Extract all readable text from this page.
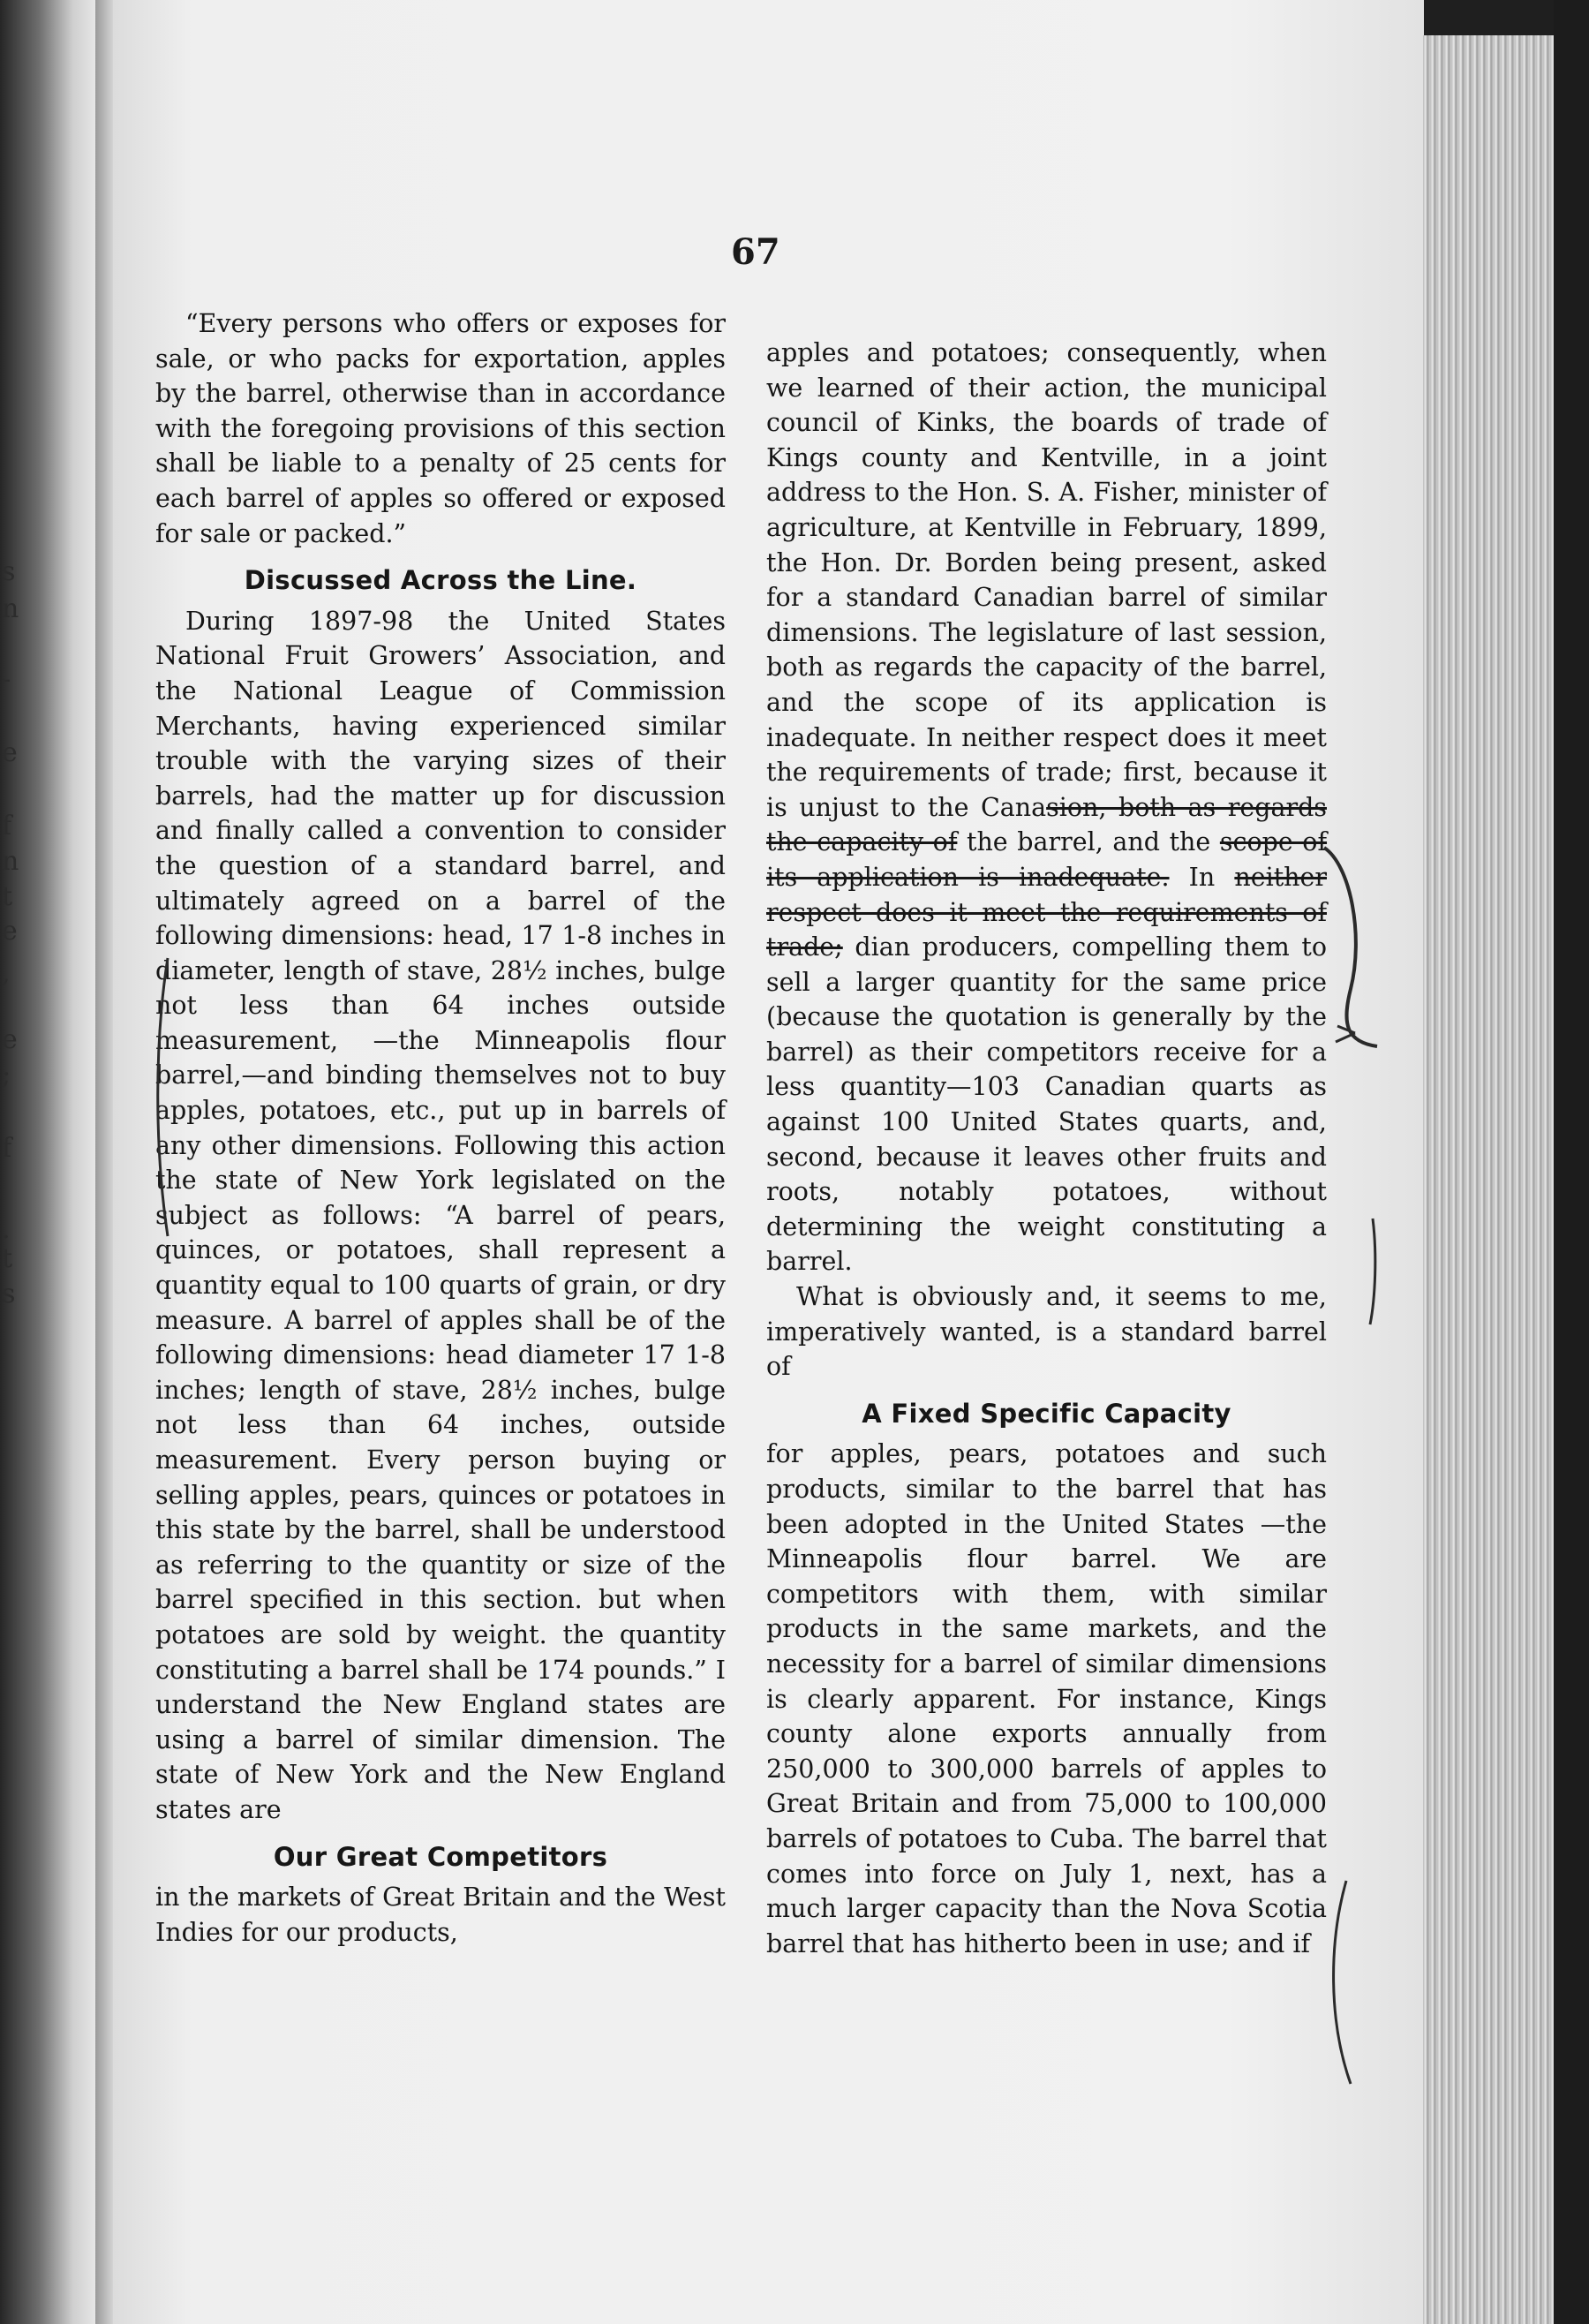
s
n
-
e
f
n
t
e
,
e
;
f
.
t
s
67

“Every persons who offers or exposes for sale, or who packs for exportation, apples by the barrel, otherwise than in accordance with the foregoing provisions of this section shall be liable to a penalty of 25 cents for each barrel of apples so offered or exposed for sale or packed.”

Discussed Across the Line.

During 1897-98 the United States National Fruit Growers’ Association, and the National League of Commission Merchants, having experienced similar trouble with the varying sizes of their barrels, had the matter up for discussion and finally called a convention to consider the question of a standard barrel, and ultimately agreed on a barrel of the following dimensions: head, 17 1-8 inches in diameter, length of stave, 28½ inches, bulge not less than 64 inches outside measurement, —the Minneapolis flour barrel,—and binding themselves not to buy apples, potatoes, etc., put up in barrels of any other dimensions. Following this action the state of New York legislated on the subject as follows: “A barrel of pears, quinces, or potatoes, shall represent a quantity equal to 100 quarts of grain, or dry measure. A barrel of apples shall be of the following dimensions: head diameter 17 1-8 inches; length of stave, 28½ inches, bulge not less than 64 inches, outside measurement. Every person buying or selling apples, pears, quinces or potatoes in this state by the barrel, shall be understood as referring to the quantity or size of the barrel specified in this section. but when potatoes are sold by weight. the quantity constituting a barrel shall be 174 pounds.” I understand the New England states are using a barrel of similar dimension. The state of New York and the New England states are

Our Great Competitors

in the markets of Great Britain and the West Indies for our products,

apples and potatoes; consequently, when we learned of their action, the municipal council of Kinks, the boards of trade of Kings county and Kentville, in a joint address to the Hon. S. A. Fisher, minister of agriculture, at Kentville in February, 1899, the Hon. Dr. Borden being present, asked for a standard Canadian barrel of similar dimensions. The legislature of last session, both as regards the capacity of the barrel, and the scope of its application is inadequate. In neither respect does it meet the requirements of trade; first, because it is unjust to the Canasion, both as regards the capacity of the barrel, and the scope of its application is inadequate. In neither respect does it meet the requirements of trade; dian producers, compelling them to sell a larger quantity for the same price (because the quotation is generally by the barrel) as their competitors receive for a less quantity—103 Canadian quarts as against 100 United States quarts, and, second, because it leaves other fruits and roots, notably potatoes, without determining the weight constituting a barrel.

What is obviously and, it seems to me, imperatively wanted, is a standard barrel of

A Fixed Specific Capacity

for apples, pears, potatoes and such products, similar to the barrel that has been adopted in the United States —the Minneapolis flour barrel. We are competitors with them, with similar products in the same markets, and the necessity for a barrel of similar dimensions is clearly apparent. For instance, Kings county alone exports annually from 250,000 to 300,000 barrels of apples to Great Britain and from 75,000 to 100,000 barrels of potatoes to Cuba. The barrel that comes into force on July 1, next, has a much larger capacity than the Nova Scotia barrel that has hitherto been in use; and if
